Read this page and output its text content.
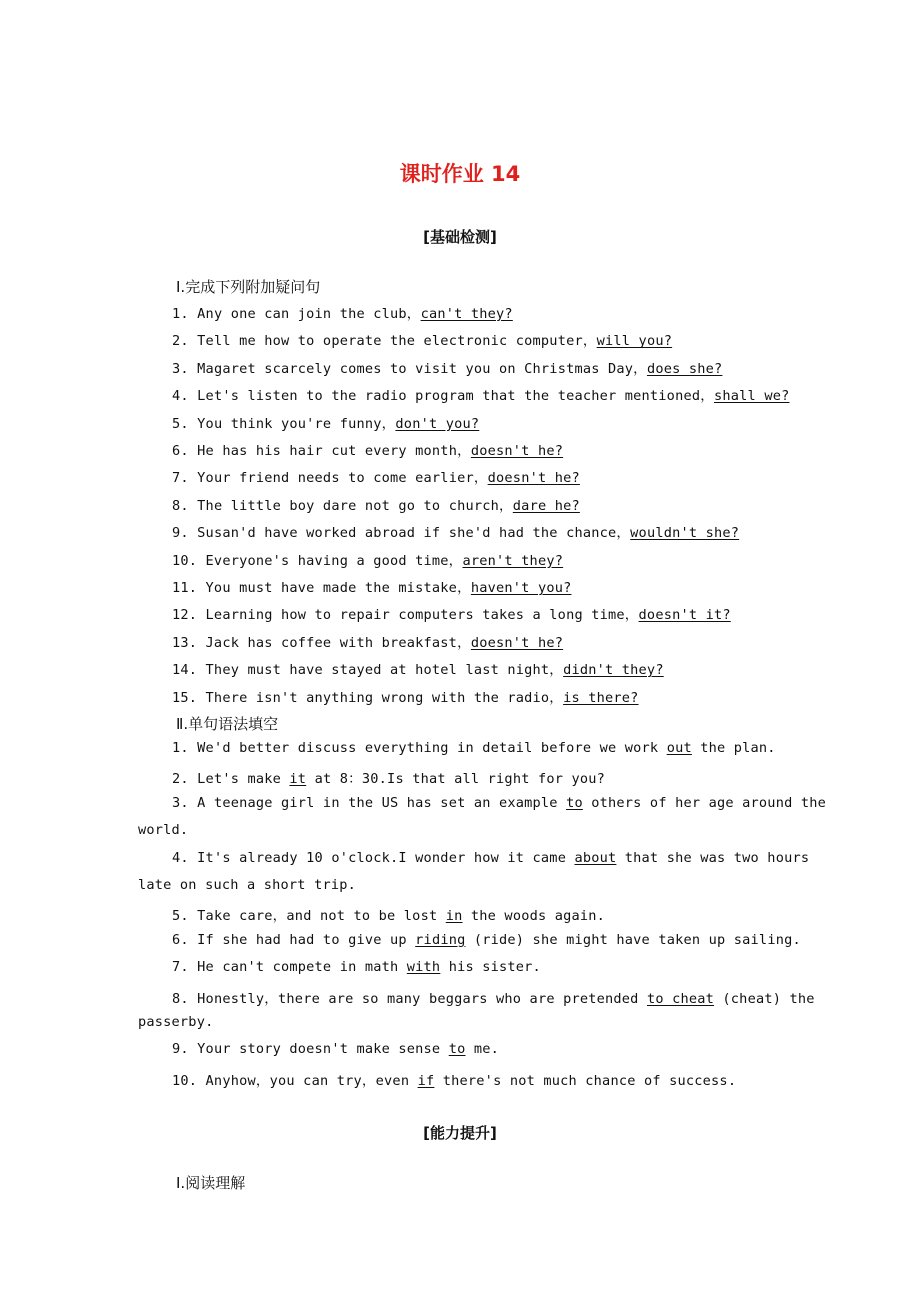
课时作业 14
[基础检测]
Ⅰ.完成下列附加疑问句
1. Any one can join the club，can't they?
2. Tell me how to operate the electronic computer，will you?
3. Magaret scarcely comes to visit you on Christmas Day，does she?
4. Let's listen to the radio program that the teacher mentioned，shall we?
5. You think you're funny，don't you?
6. He has his hair cut every month，doesn't he?
7. Your friend needs to come earlier，doesn't he?
8. The little boy dare not go to church，dare he?
9. Susan'd have worked abroad if she'd had the chance，wouldn't she?
10. Everyone's having a good time，aren't they?
11. You must have made the mistake，haven't you?
12. Learning how to repair computers takes a long time，doesn't it?
13. Jack has coffee with breakfast，doesn't he?
14. They must have stayed at hotel last night，didn't they?
15. There isn't anything wrong with the radio，is there?
Ⅱ.单句语法填空
1. We'd better discuss everything in detail before we work out the plan.
2. Let's make it at 8：30.Is that all right for you?
3. A teenage girl in the US has set an example to others of her age around the
world.
4. It's already 10 o'clock.I wonder how it came about that she was two hours
late on such a short trip.
5. Take care，and not to be lost in the woods again.
6. If she had had to give up riding (ride) she might have taken up sailing.
7. He can't compete in math with his sister.
8. Honestly，there are so many beggars who are pretended to cheat (cheat) the
passerby.
9. Your story doesn't make sense to me.
10. Anyhow，you can try，even if there's not much chance of success.
[能力提升]
Ⅰ.阅读理解
